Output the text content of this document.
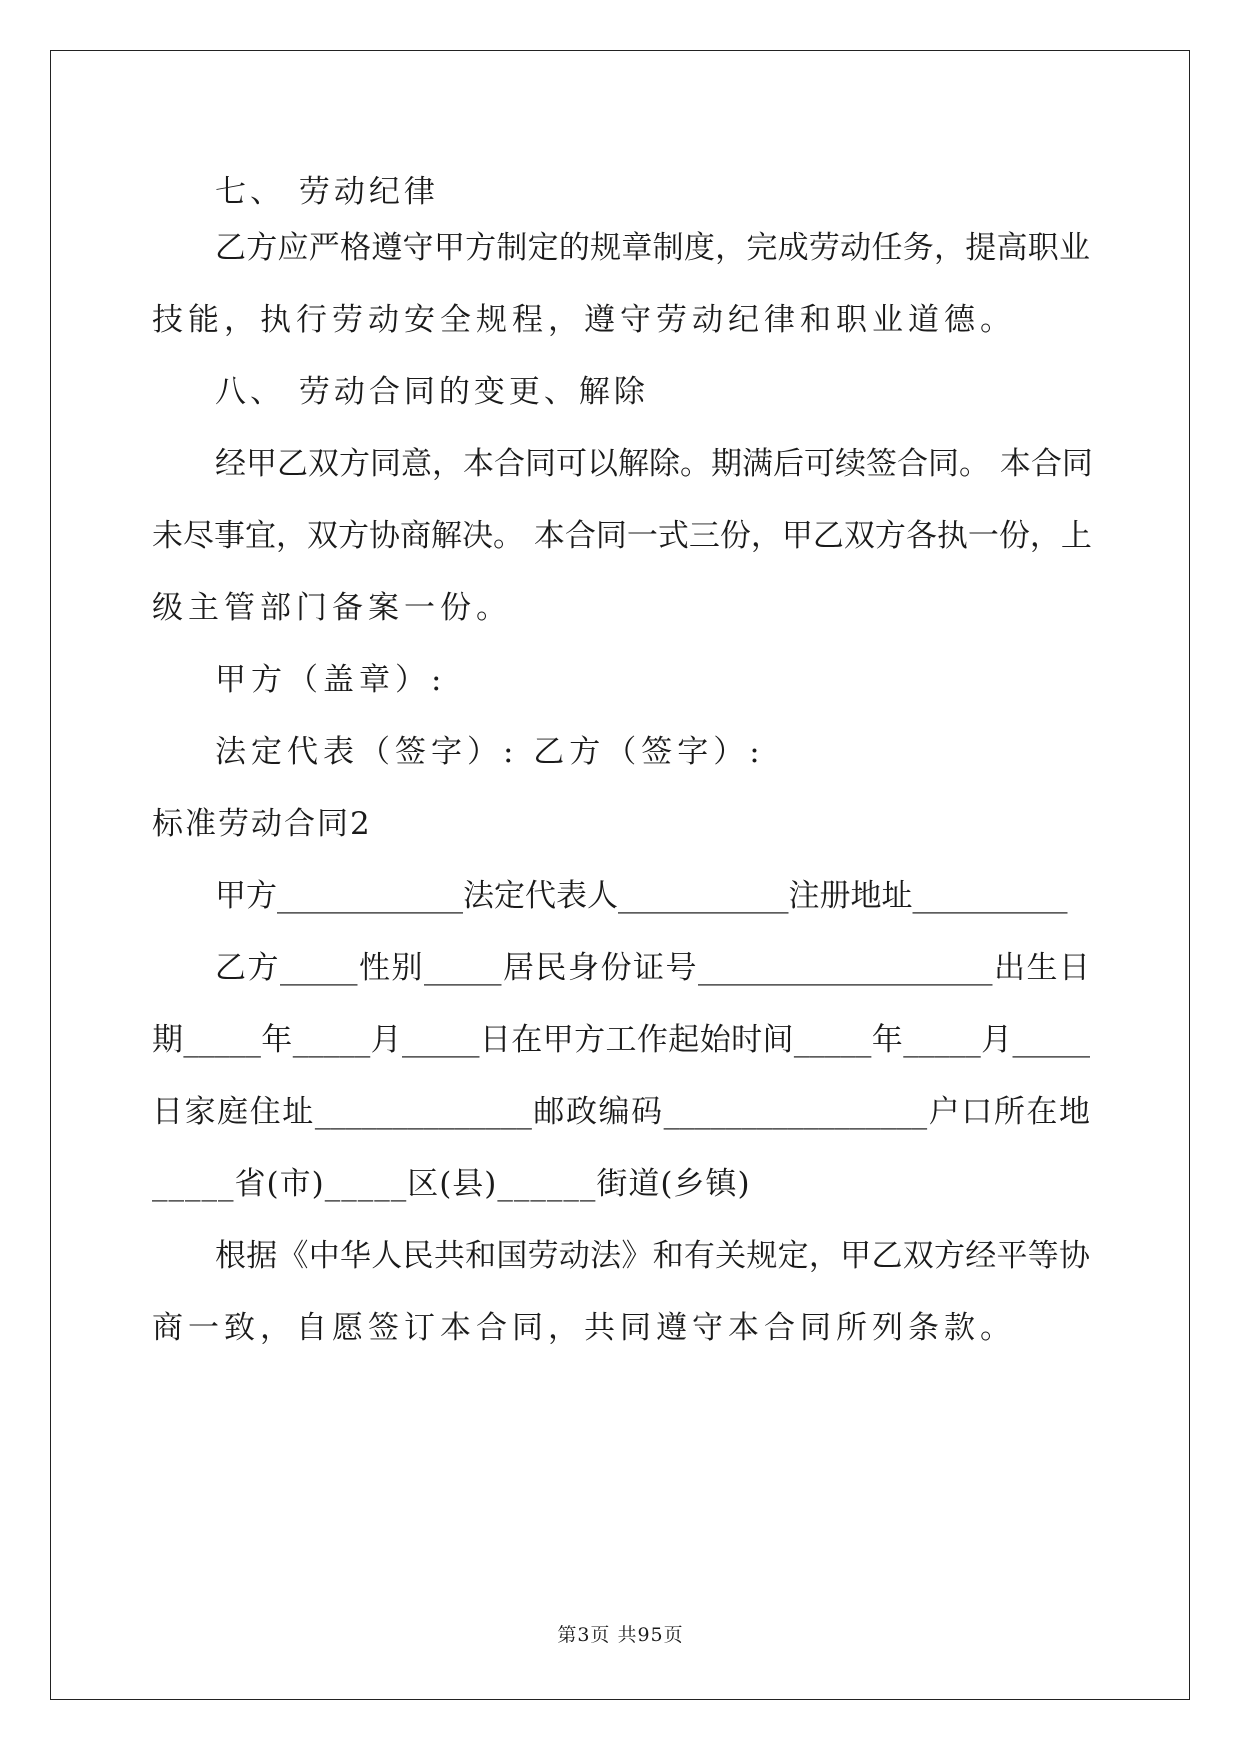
七、 劳动纪律
乙方应严格遵守甲方制定的规章制度，完成劳动任务，提高职业
技能，执行劳动安全规程，遵守劳动纪律和职业道德。
八、 劳动合同的变更、解除
经甲乙双方同意，本合同可以解除。期满后可续签合同。 本合同
未尽事宜，双方协商解决。 本合同一式三份，甲乙双方各执一份，上
级主管部门备案一份。
甲方（盖章）:
法定代表（签字）: 乙方（签字）:
标准劳动合同2
甲方____________法定代表人___________注册地址__________
乙方_____性别_____居民身份证号___________________出生日
期_____年_____月_____日在甲方工作起始时间_____年_____月_____
日家庭住址______________邮政编码_________________户口所在地
_____省(市)_____区(县)______街道(乡镇)
根据《中华人民共和国劳动法》和有关规定，甲乙双方经平等协
商一致，自愿签订本合同，共同遵守本合同所列条款。
第3页 共95页
